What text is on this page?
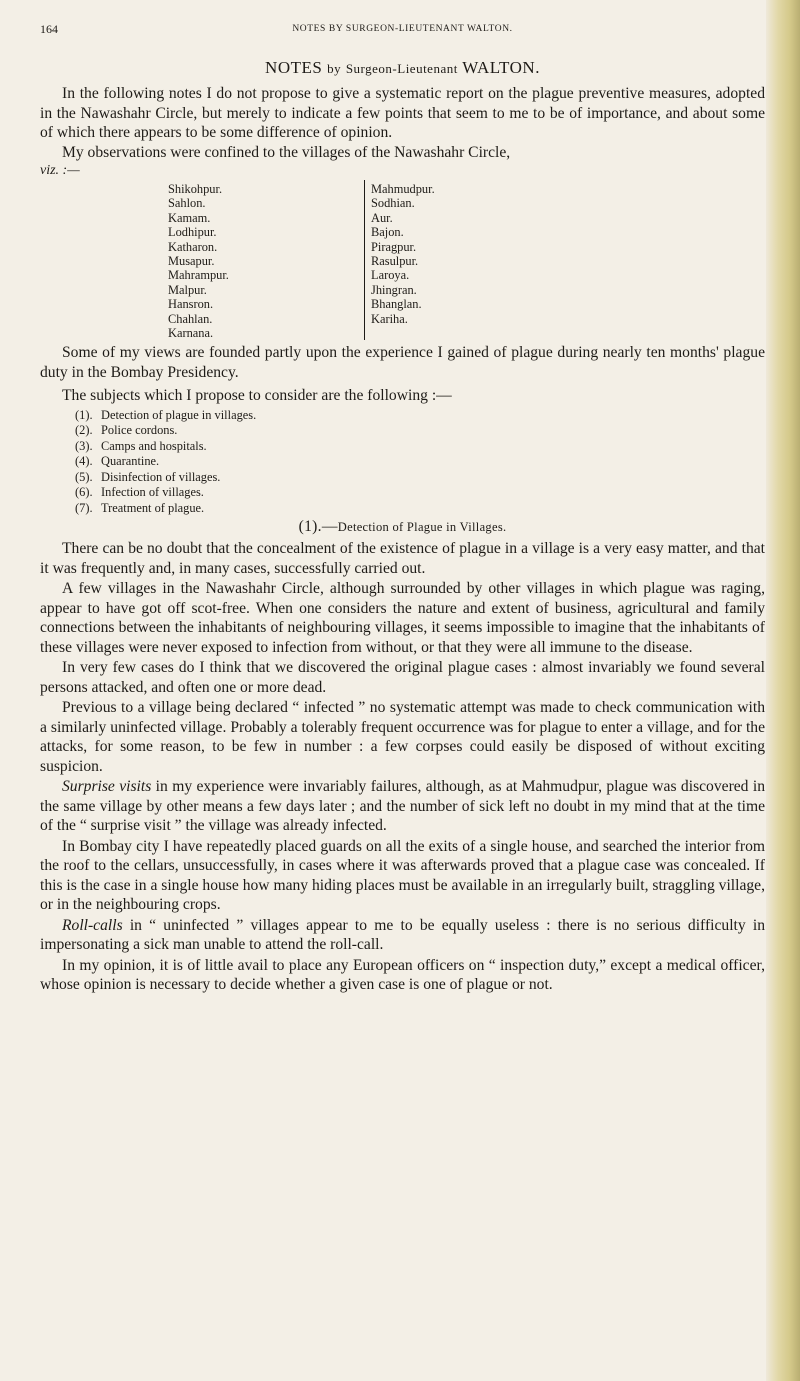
164	NOTES BY SURGEON-LIEUTENANT WALTON.
NOTES by Surgeon-Lieutenant WALTON.

In the following notes I do not propose to give a systematic report on the plague preventive measures, adopted in the Nawashahr Circle, but merely to indicate a few points that seem to me to be of importance, and about some of which there appears to be some difference of opinion.

My observations were confined to the villages of the Nawashahr Circle,

viz. :—
Shikohpur.
Sahlon.
Kamam.
Lodhipur.
Katharon.
Musapur.
Mahrampur.
Malpur.
Hansron.
Chahlan.
Karnana.
Mahmudpur.
Sodhian.
Aur.
Bajon.
Piragpur.
Rasulpur.
Laroya.
Jhingran.
Bhanglan.
Kariha.

Some of my views are founded partly upon the experience I gained of plague during nearly ten months' plague duty in the Bombay Presidency.

The subjects which I propose to consider are the following :—

(1). Detection of plague in villages.
(2). Police cordons.
(3). Camps and hospitals.
(4). Quarantine.
(5). Disinfection of villages.
(6). Infection of villages.
(7). Treatment of plague.
(1).—Detection of Plague in Villages.

There can be no doubt that the concealment of the existence of plague in a village is a very easy matter, and that it was frequently and, in many cases, successfully carried out.

A few villages in the Nawashahr Circle, although surrounded by other villages in which plague was raging, appear to have got off scot-free. When one considers the nature and extent of business, agricultural and family connections between the inhabitants of neighbouring villages, it seems impossible to imagine that the inhabitants of these villages were never exposed to infection from without, or that they were all immune to the disease.

In very few cases do I think that we discovered the original plague cases : almost invariably we found several persons attacked, and often one or more dead.

Previous to a village being declared “ infected ” no systematic attempt was made to check communication with a similarly uninfected village. Probably a tolerably frequent occurrence was for plague to enter a village, and for the attacks, for some reason, to be few in number : a few corpses could easily be disposed of without exciting suspicion.

Surprise visits in my experience were invariably failures, although, as at Mahmudpur, plague was discovered in the same village by other means a few days later ; and the number of sick left no doubt in my mind that at the time of the “ surprise visit ” the village was already infected.

In Bombay city I have repeatedly placed guards on all the exits of a single house, and searched the interior from the roof to the cellars, unsuccessfully, in cases where it was afterwards proved that a plague case was concealed. If this is the case in a single house how many hiding places must be available in an irregularly built, straggling village, or in the neighbouring crops.

Roll-calls in “ uninfected ” villages appear to me to be equally useless : there is no serious difficulty in impersonating a sick man unable to attend the roll-call.

In my opinion, it is of little avail to place any European officers on “ inspection duty,” except a medical officer, whose opinion is necessary to decide whether a given case is one of plague or not.
